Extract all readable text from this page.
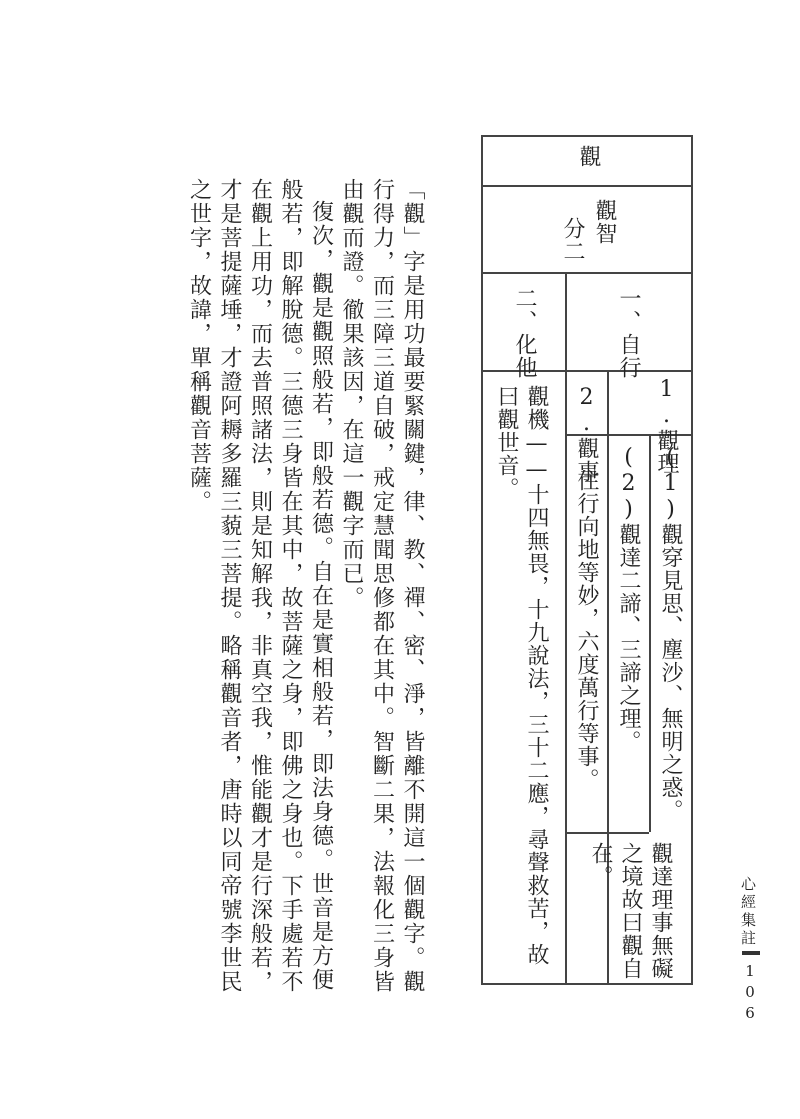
觀
觀智
分二
一、自行
二、化他
1.觀理
2.觀事
(1)觀穿見思、塵沙、無明之惑。
(2)觀達二諦、三諦之理。
住行向地等妙，六度萬行等事。
觀達理事無礙之境故曰觀自在。
觀機——十四無畏，十九說法，三十二應，尋聲救苦，故曰觀世音。

「觀」字是用功最要緊關鍵，律、教、禪、密、淨，皆離不開這一個觀字。觀行得力，而三障三道自破，戒定慧聞思修都在其中。智斷二果，法報化三身皆由觀而證。徹果該因，在這一觀字而已。

復次，觀是觀照般若，即般若德。自在是實相般若，即法身德。世音是方便般若，即解脫德。三德三身皆在其中，故菩薩之身，即佛之身也。下手處若不在觀上用功，而去普照諸法，則是知解我，非真空我，惟能觀才是行深般若，才是菩提薩埵，才證阿耨多羅三藐三菩提。略稱觀音者，唐時以同帝號李世民之世字，故諱，單稱觀音菩薩。

心經集註
106
